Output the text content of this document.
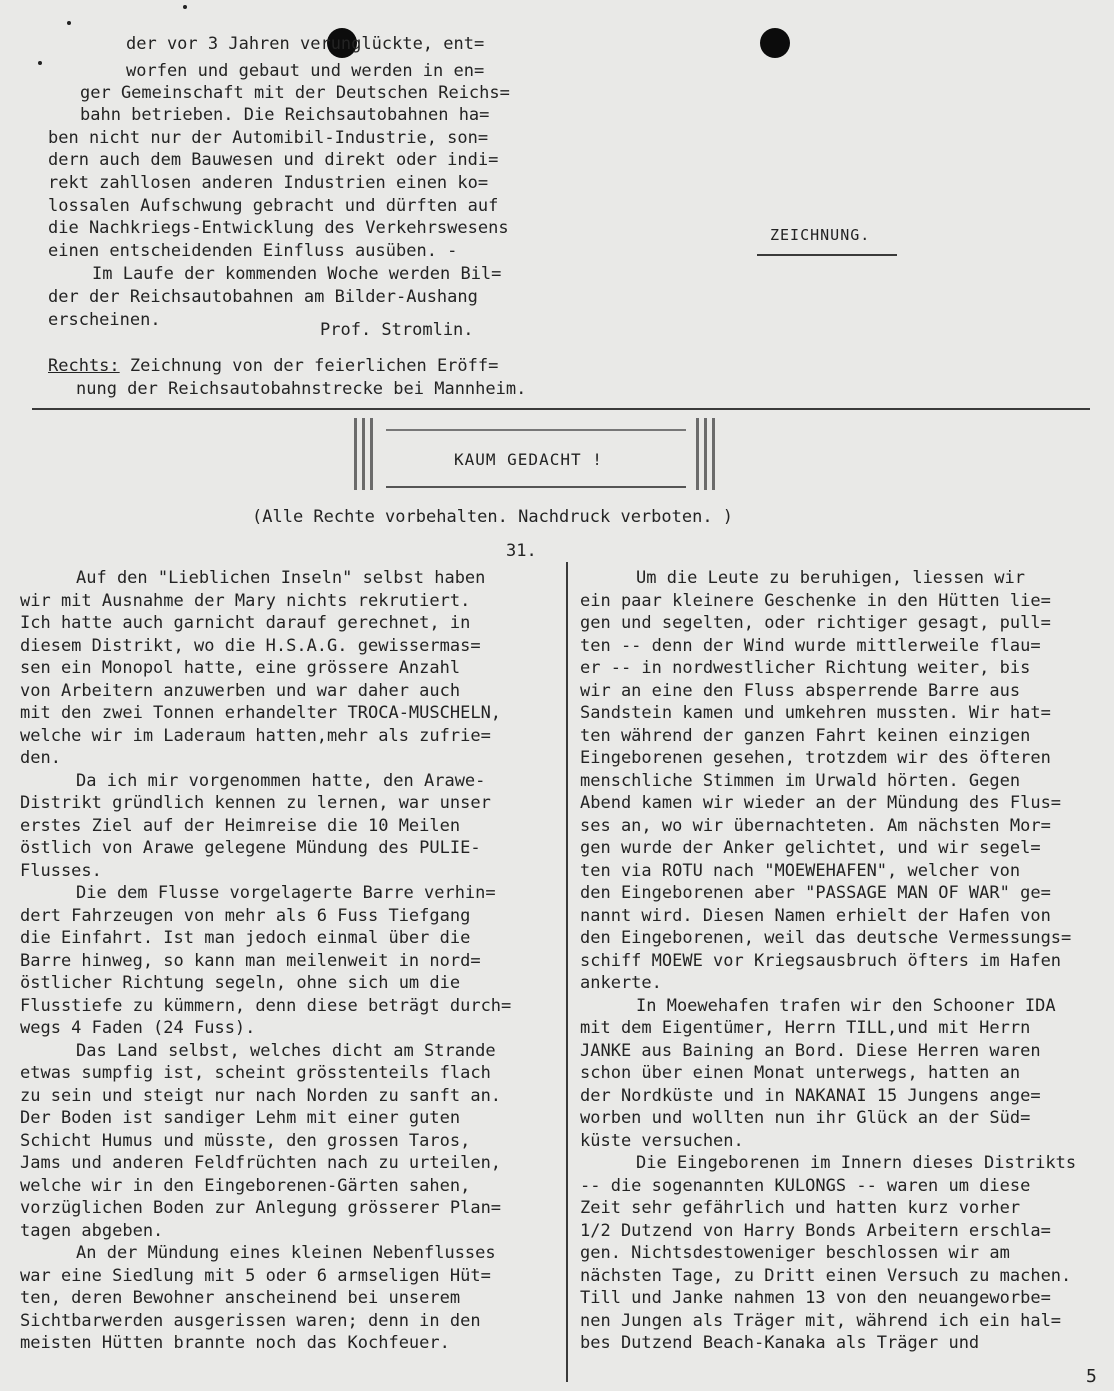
der vor 3 Jahren verunglückte, ent=
worfen und gebaut und werden in en=
ger Gemeinschaft mit der Deutschen Reichs=
bahn betrieben. Die Reichsautobahnen ha=
ben nicht nur der Automibil-Industrie, son=
dern auch dem Bauwesen und direkt oder indi=
rekt zahllosen anderen Industrien einen ko=
lossalen Aufschwung gebracht und dürften auf
die Nachkriegs-Entwicklung des Verkehrswesens
einen entscheidenden Einfluss ausüben. -
Im Laufe der kommenden Woche werden Bil=
der der Reichsautobahnen am Bilder-Aushang
erscheinen.	Prof. Stromlin.
Rechts: Zeichnung von der feierlichen Eröff=
nung der Reichsautobahnstrecke bei Mannheim.
ZEICHNUNG.
KAUM GEDACHT !
(Alle Rechte vorbehalten. Nachdruck verboten. )
31.
Auf den "Lieblichen Inseln" selbst haben
wir mit Ausnahme der Mary nichts rekrutiert.
Ich hatte auch garnicht darauf gerechnet, in
diesem Distrikt, wo die H.S.A.G. gewissermas=
sen ein Monopol hatte, eine grössere Anzahl
von Arbeitern anzuwerben und war daher auch
mit den zwei Tonnen erhandelter TROCA-MUSCHELN,
welche wir im Laderaum hatten,mehr als zufrie=
den.
Da ich mir vorgenommen hatte, den Arawe-
Distrikt gründlich kennen zu lernen, war unser
erstes Ziel auf der Heimreise die 10 Meilen
östlich von Arawe gelegene Mündung des PULIE-
Flusses.
Die dem Flusse vorgelagerte Barre verhin=
dert Fahrzeugen von mehr als 6 Fuss Tiefgang
die Einfahrt. Ist man jedoch einmal über die
Barre hinweg, so kann man meilenweit in nord=
östlicher Richtung segeln, ohne sich um die
Flusstiefe zu kümmern, denn diese beträgt durch=
wegs 4 Faden (24 Fuss).
Das Land selbst, welches dicht am Strande
etwas sumpfig ist, scheint grösstenteils flach
zu sein und steigt nur nach Norden zu sanft an.
Der Boden ist sandiger Lehm mit einer guten
Schicht Humus und müsste, den grossen Taros,
Jams und anderen Feldfrüchten nach zu urteilen,
welche wir in den Eingeborenen-Gärten sahen,
vorzüglichen Boden zur Anlegung grösserer Plan=
tagen abgeben.
An der Mündung eines kleinen Nebenflusses
war eine Siedlung mit 5 oder 6 armseligen Hüt=
ten, deren Bewohner anscheinend bei unserem
Sichtbarwerden ausgerissen waren; denn in den
meisten Hütten brannte noch das Kochfeuer.
Um die Leute zu beruhigen, liessen wir
ein paar kleinere Geschenke in den Hütten lie=
gen und segelten, oder richtiger gesagt, pull=
ten -- denn der Wind wurde mittlerweile flau=
er -- in nordwestlicher Richtung weiter, bis
wir an eine den Fluss absperrende Barre aus
Sandstein kamen und umkehren mussten. Wir hat=
ten während der ganzen Fahrt keinen einzigen
Eingeborenen gesehen, trotzdem wir des öfteren
menschliche Stimmen im Urwald hörten. Gegen
Abend kamen wir wieder an der Mündung des Flus=
ses an, wo wir übernachteten. Am nächsten Mor=
gen wurde der Anker gelichtet, und wir segel=
ten via ROTU nach "MOEWEHAFEN", welcher von
den Eingeborenen aber "PASSAGE MAN OF WAR" ge=
nannt wird. Diesen Namen erhielt der Hafen von
den Eingeborenen, weil das deutsche Vermessungs=
schiff MOEWE vor Kriegsausbruch öfters im Hafen
ankerte.
In Moewehafen trafen wir den Schooner IDA
mit dem Eigentümer, Herrn TILL,und mit Herrn
JANKE aus Baining an Bord. Diese Herren waren
schon über einen Monat unterwegs, hatten an
der Nordküste und in NAKANAI 15 Jungens ange=
worben und wollten nun ihr Glück an der Süd=
küste versuchen.
Die Eingeborenen im Innern dieses Distrikts
-- die sogenannten KULONGS -- waren um diese
Zeit sehr gefährlich und hatten kurz vorher
1/2 Dutzend von Harry Bonds Arbeitern erschla=
gen. Nichtsdestoweniger beschlossen wir am
nächsten Tage, zu Dritt einen Versuch zu machen.
Till und Janke nahmen 13 von den neuangeworbe=
nen Jungen als Träger mit, während ich ein hal=
bes Dutzend Beach-Kanaka als Träger und
5
